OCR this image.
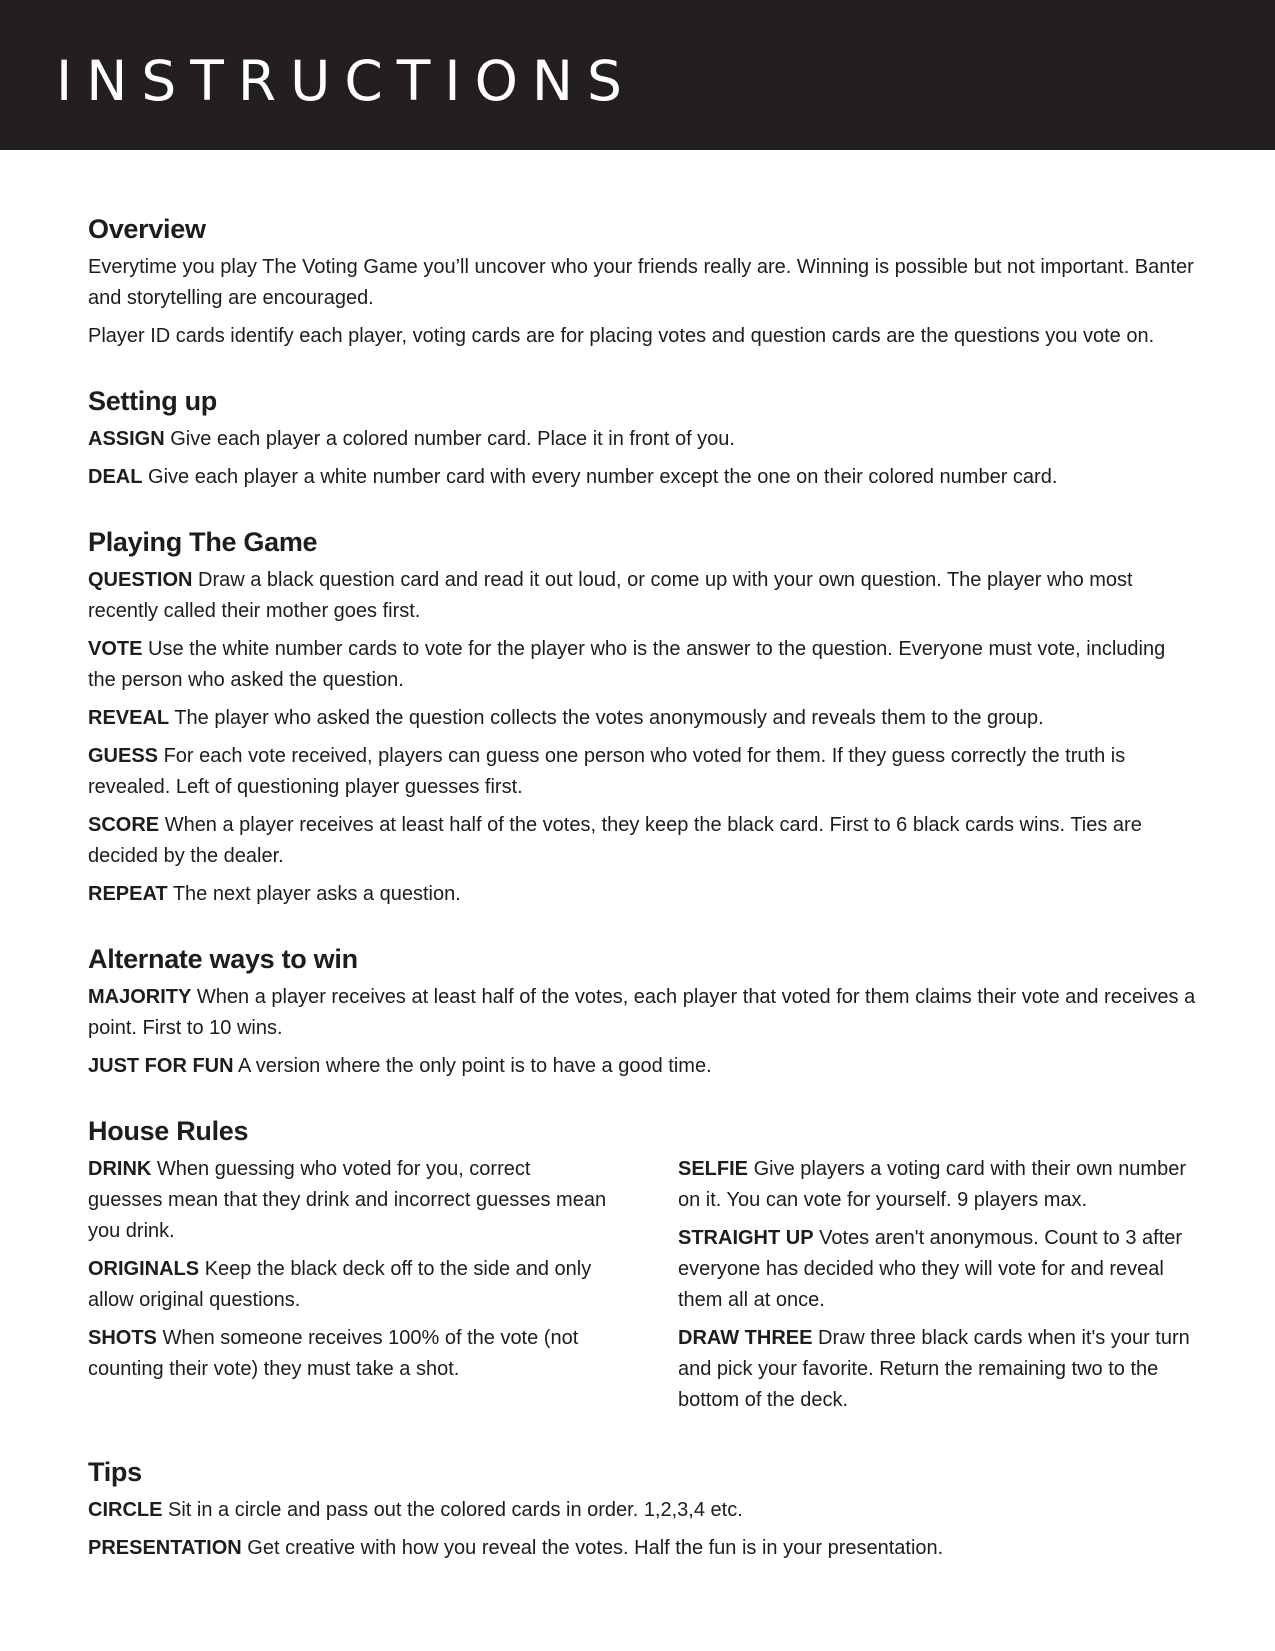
INSTRUCTIONS
Overview

Everytime you play The Voting Game you’ll uncover who your friends really are. Winning is possible but not important. Banter and storytelling are encouraged.

Player ID cards identify each player, voting cards are for placing votes and question cards are the questions you vote on.

Setting up

ASSIGN Give each player a colored number card. Place it in front of you.

DEAL Give each player a white number card with every number except the one on their colored number card.

Playing The Game

QUESTION Draw a black question card and read it out loud, or come up with your own question. The player who most recently called their mother goes first.

VOTE Use the white number cards to vote for the player who is the answer to the question. Everyone must vote, including the person who asked the question.

REVEAL The player who asked the question collects the votes anonymously and reveals them to the group.

GUESS For each vote received, players can guess one person who voted for them. If they guess correctly the truth is revealed. Left of questioning player guesses first.

SCORE When a player receives at least half of the votes, they keep the black card. First to 6 black cards wins. Ties are decided by the dealer.

REPEAT The next player asks a question.

Alternate ways to win

MAJORITY When a player receives at least half of the votes, each player that voted for them claims their vote and receives a point. First to 10 wins.

JUST FOR FUN A version where the only point is to have a good time.

House Rules

DRINK When guessing who voted for you, correct guesses mean that they drink and incorrect guesses mean you drink.

ORIGINALS Keep the black deck off to the side and only allow original questions.

SHOTS When someone receives 100% of the vote (not counting their vote) they must take a shot.

SELFIE Give players a voting card with their own number on it. You can vote for yourself. 9 players max.

STRAIGHT UP Votes aren't anonymous. Count to 3 after everyone has decided who they will vote for and reveal them all at once.

DRAW THREE Draw three black cards when it's your turn and pick your favorite. Return the remaining two to the bottom of the deck.

Tips

CIRCLE Sit in a circle and pass out the colored cards in order. 1,2,3,4 etc.

PRESENTATION Get creative with how you reveal the votes. Half the fun is in your presentation.
